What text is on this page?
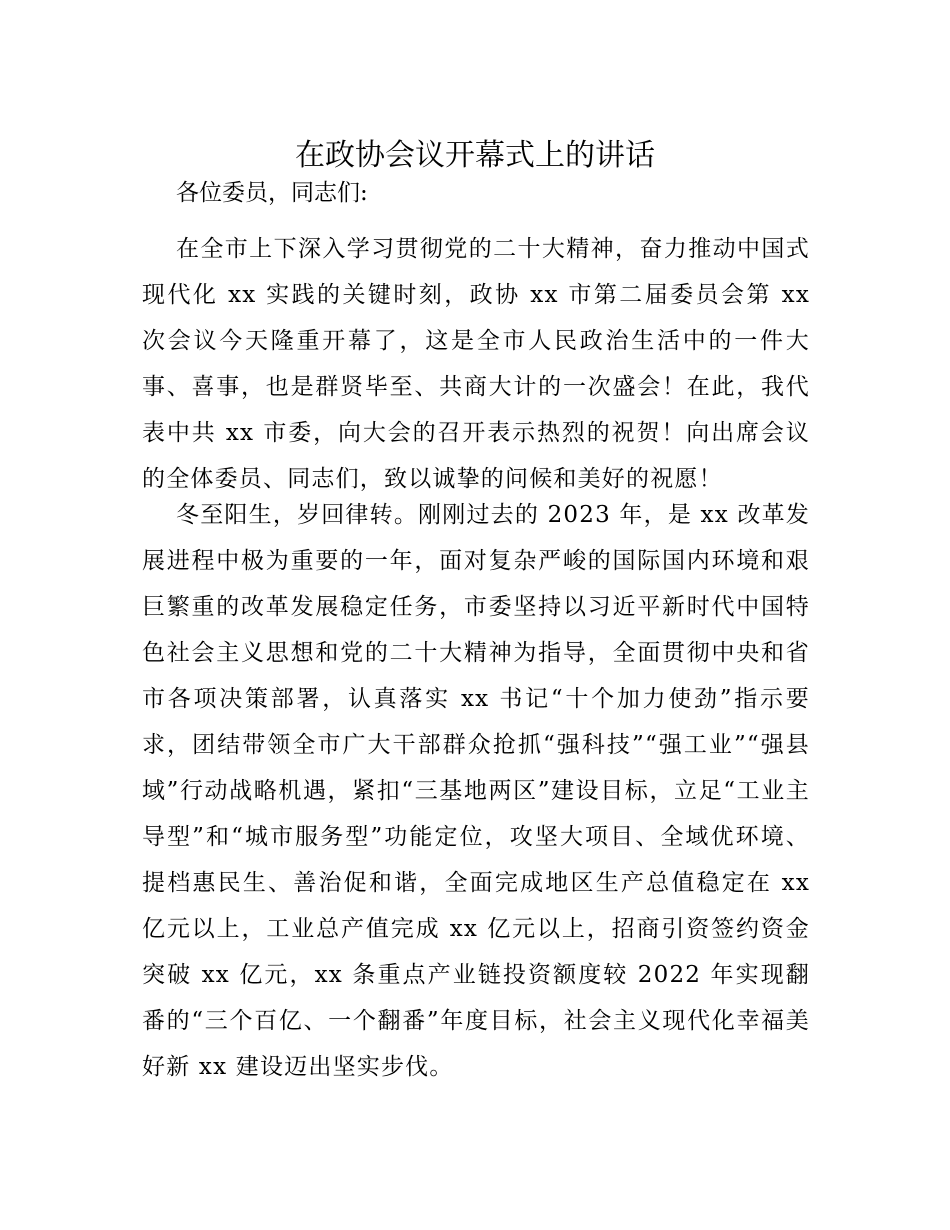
在政协会议开幕式上的讲话

各位委员，同志们:

在全市上下深入学习贯彻党的二十大精神，奋力推动中国式现代化 xx 实践的关键时刻，政协 xx 市第二届委员会第 xx 次会议今天隆重开幕了，这是全市人民政治生活中的一件大事、喜事，也是群贤毕至、共商大计的一次盛会！在此，我代表中共 xx 市委，向大会的召开表示热烈的祝贺！向出席会议的全体委员、同志们，致以诚挚的问候和美好的祝愿！

冬至阳生，岁回律转。刚刚过去的 2023 年，是 xx 改革发展进程中极为重要的一年，面对复杂严峻的国际国内环境和艰巨繁重的改革发展稳定任务，市委坚持以习近平新时代中国特色社会主义思想和党的二十大精神为指导，全面贯彻中央和省市各项决策部署，认真落实 xx 书记“十个加力使劲”指示要求，团结带领全市广大干部群众抢抓“强科技”“强工业”“强县域”行动战略机遇，紧扣“三基地两区”建设目标，立足“工业主导型”和“城市服务型”功能定位，攻坚大项目、全域优环境、提档惠民生、善治促和谐，全面完成地区生产总值稳定在 xx 亿元以上，工业总产值完成 xx 亿元以上，招商引资签约资金突破 xx 亿元，xx 条重点产业链投资额度较 2022 年实现翻番的“三个百亿、一个翻番”年度目标，社会主义现代化幸福美好新 xx 建设迈出坚实步伐。
